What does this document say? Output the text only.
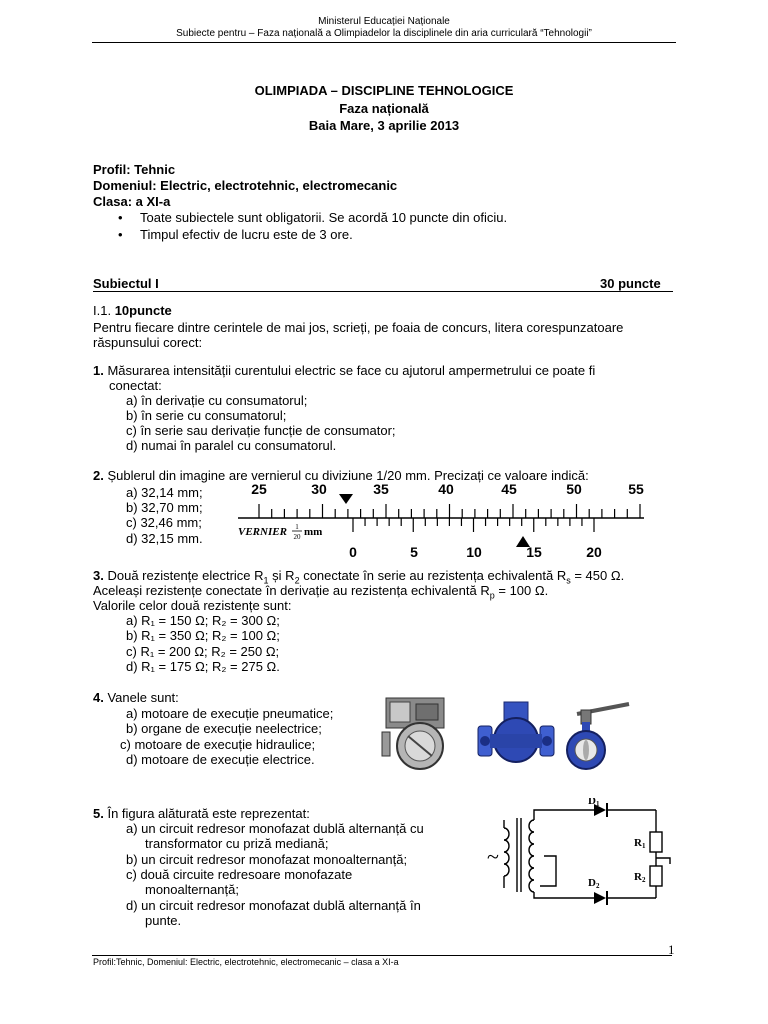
Ministerul Educației Naționale
Subiecte pentru – Faza națională a Olimpiadelor la disciplinele din aria curriculară “Tehnologii”
OLIMPIADA – DISCIPLINE TEHNOLOGICE
Faza națională
Baia Mare, 3 aprilie 2013
Profil: Tehnic
Domeniul: Electric, electrotehnic, electromecanic
Clasa: a XI-a
• Toate subiectele sunt obligatorii. Se acordă 10 puncte din oficiu.
• Timpul efectiv de lucru este de 3 ore.
Subiectul I	30 puncte
I.1. 10puncte
Pentru fiecare dintre cerintele de mai jos, scrieți, pe foaia de concurs, litera corespunzatoare
răspunsului corect:
1. Măsurarea intensității curentului electric se face cu ajutorul ampermetrului ce poate fi
conectat:
a) în derivație cu consumatorul;
b) în serie cu consumatorul;
c) în serie sau derivație funcție de consumator;
d) numai în paralel cu consumatorul.
2. Șublerul din imagine are vernierul cu diviziune 1/20 mm. Precizați ce valoare indică:
a) 32,14 mm;
b) 32,70 mm;
c) 32,46 mm;
d) 32,15 mm.
25	30	35	40	45	50	55
VERNIER 1
20 mm
0	5	10	15	20
3. Două rezistențe electrice $R_1$ și $R_2$ conectate în serie au rezistența echivalentă $R_s = 450$ Ω.
Aceleași rezistențe conectate în derivație au rezistența echivalentă $R_p = 100$ Ω.
Valorile celor două rezistențe sunt:
a) R₁ = 150 Ω; R₂ = 300 Ω;
b) R₁ = 350 Ω; R₂ = 100 Ω;
c) R₁ = 200 Ω; R₂ = 250 Ω;
d) R₁ = 175 Ω; R₂ = 275 Ω.
4. Vanele sunt:
a) motoare de execuție pneumatice;
b) organe de execuție neelectrice;
c) motoare de execuție hidraulice;
d) motoare de execuție electrice.
5. În figura alăturată este reprezentat:
a) un circuit redresor monofazat dublă alternanță cu
transformator cu priză mediană;
b) un circuit redresor monofazat monoalternanță;
c) două circuite redresoare monofazate
monoalternanță;
d) un circuit redresor monofazat dublă alternanță în
punte.
D1
D2
R1
R2
~
1
Profil:Tehnic, Domeniul: Electric, electrotehnic, electromecanic – clasa a XI-a
